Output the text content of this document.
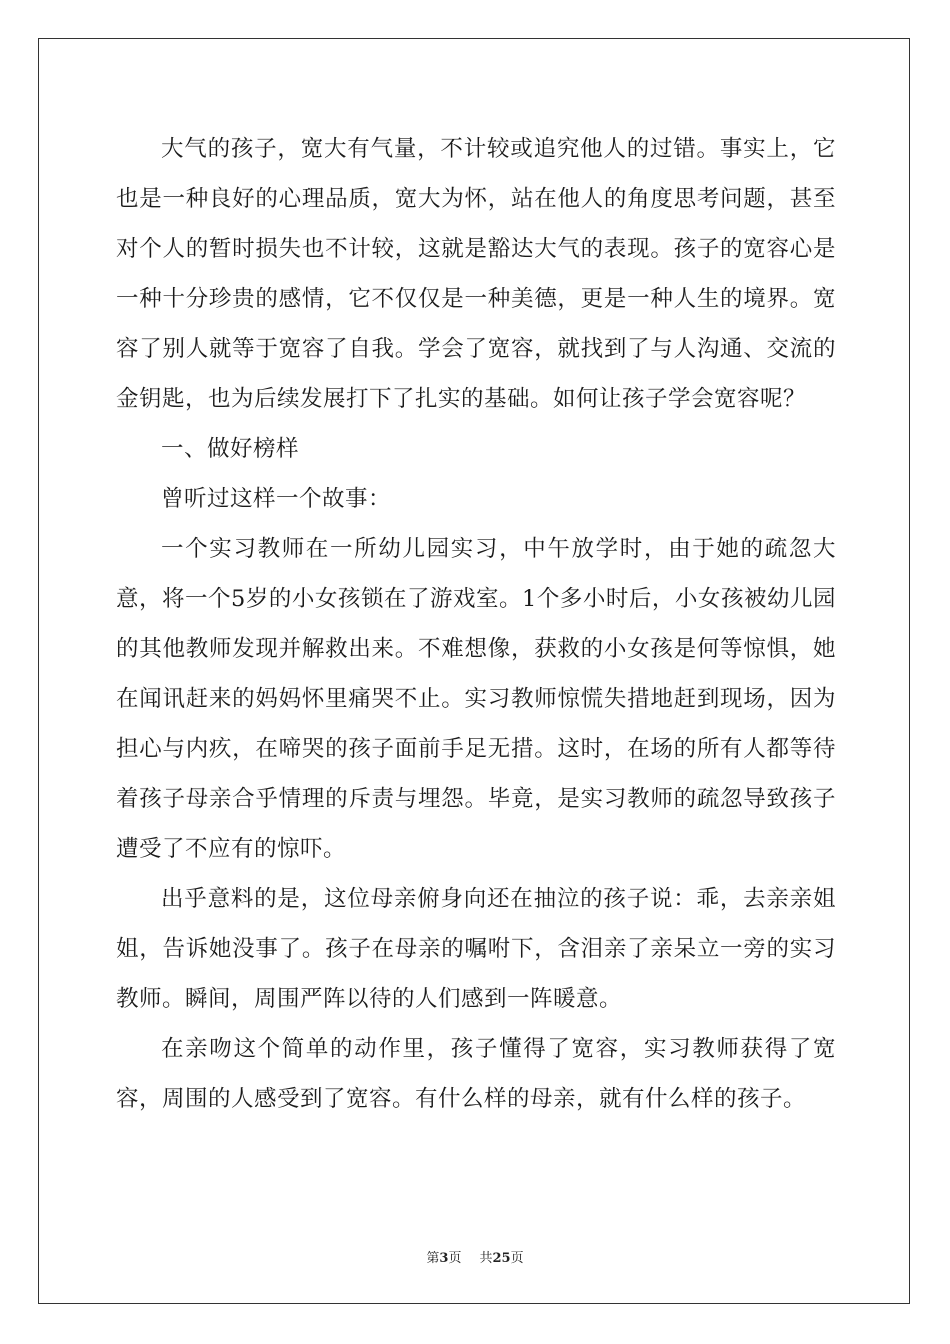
大气的孩子，宽大有气量，不计较或追究他人的过错。事实上，它也是一种良好的心理品质，宽大为怀，站在他人的角度思考问题，甚至对个人的暂时损失也不计较，这就是豁达大气的表现。孩子的宽容心是一种十分珍贵的感情，它不仅仅是一种美德，更是一种人生的境界。宽容了别人就等于宽容了自我。学会了宽容，就找到了与人沟通、交流的金钥匙，也为后续发展打下了扎实的基础。如何让孩子学会宽容呢？

一、做好榜样

曾听过这样一个故事：

一个实习教师在一所幼儿园实习，中午放学时，由于她的疏忽大意，将一个5岁的小女孩锁在了游戏室。1个多小时后，小女孩被幼儿园的其他教师发现并解救出来。不难想像，获救的小女孩是何等惊惧，她在闻讯赶来的妈妈怀里痛哭不止。实习教师惊慌失措地赶到现场，因为担心与内疚，在啼哭的孩子面前手足无措。这时，在场的所有人都等待着孩子母亲合乎情理的斥责与埋怨。毕竟，是实习教师的疏忽导致孩子遭受了不应有的惊吓。

出乎意料的是，这位母亲俯身向还在抽泣的孩子说：乖，去亲亲姐姐，告诉她没事了。孩子在母亲的嘱咐下，含泪亲了亲呆立一旁的实习教师。瞬间，周围严阵以待的人们感到一阵暖意。

在亲吻这个简单的动作里，孩子懂得了宽容，实习教师获得了宽容，周围的人感受到了宽容。有什么样的母亲，就有什么样的孩子。

第3页 共25页
